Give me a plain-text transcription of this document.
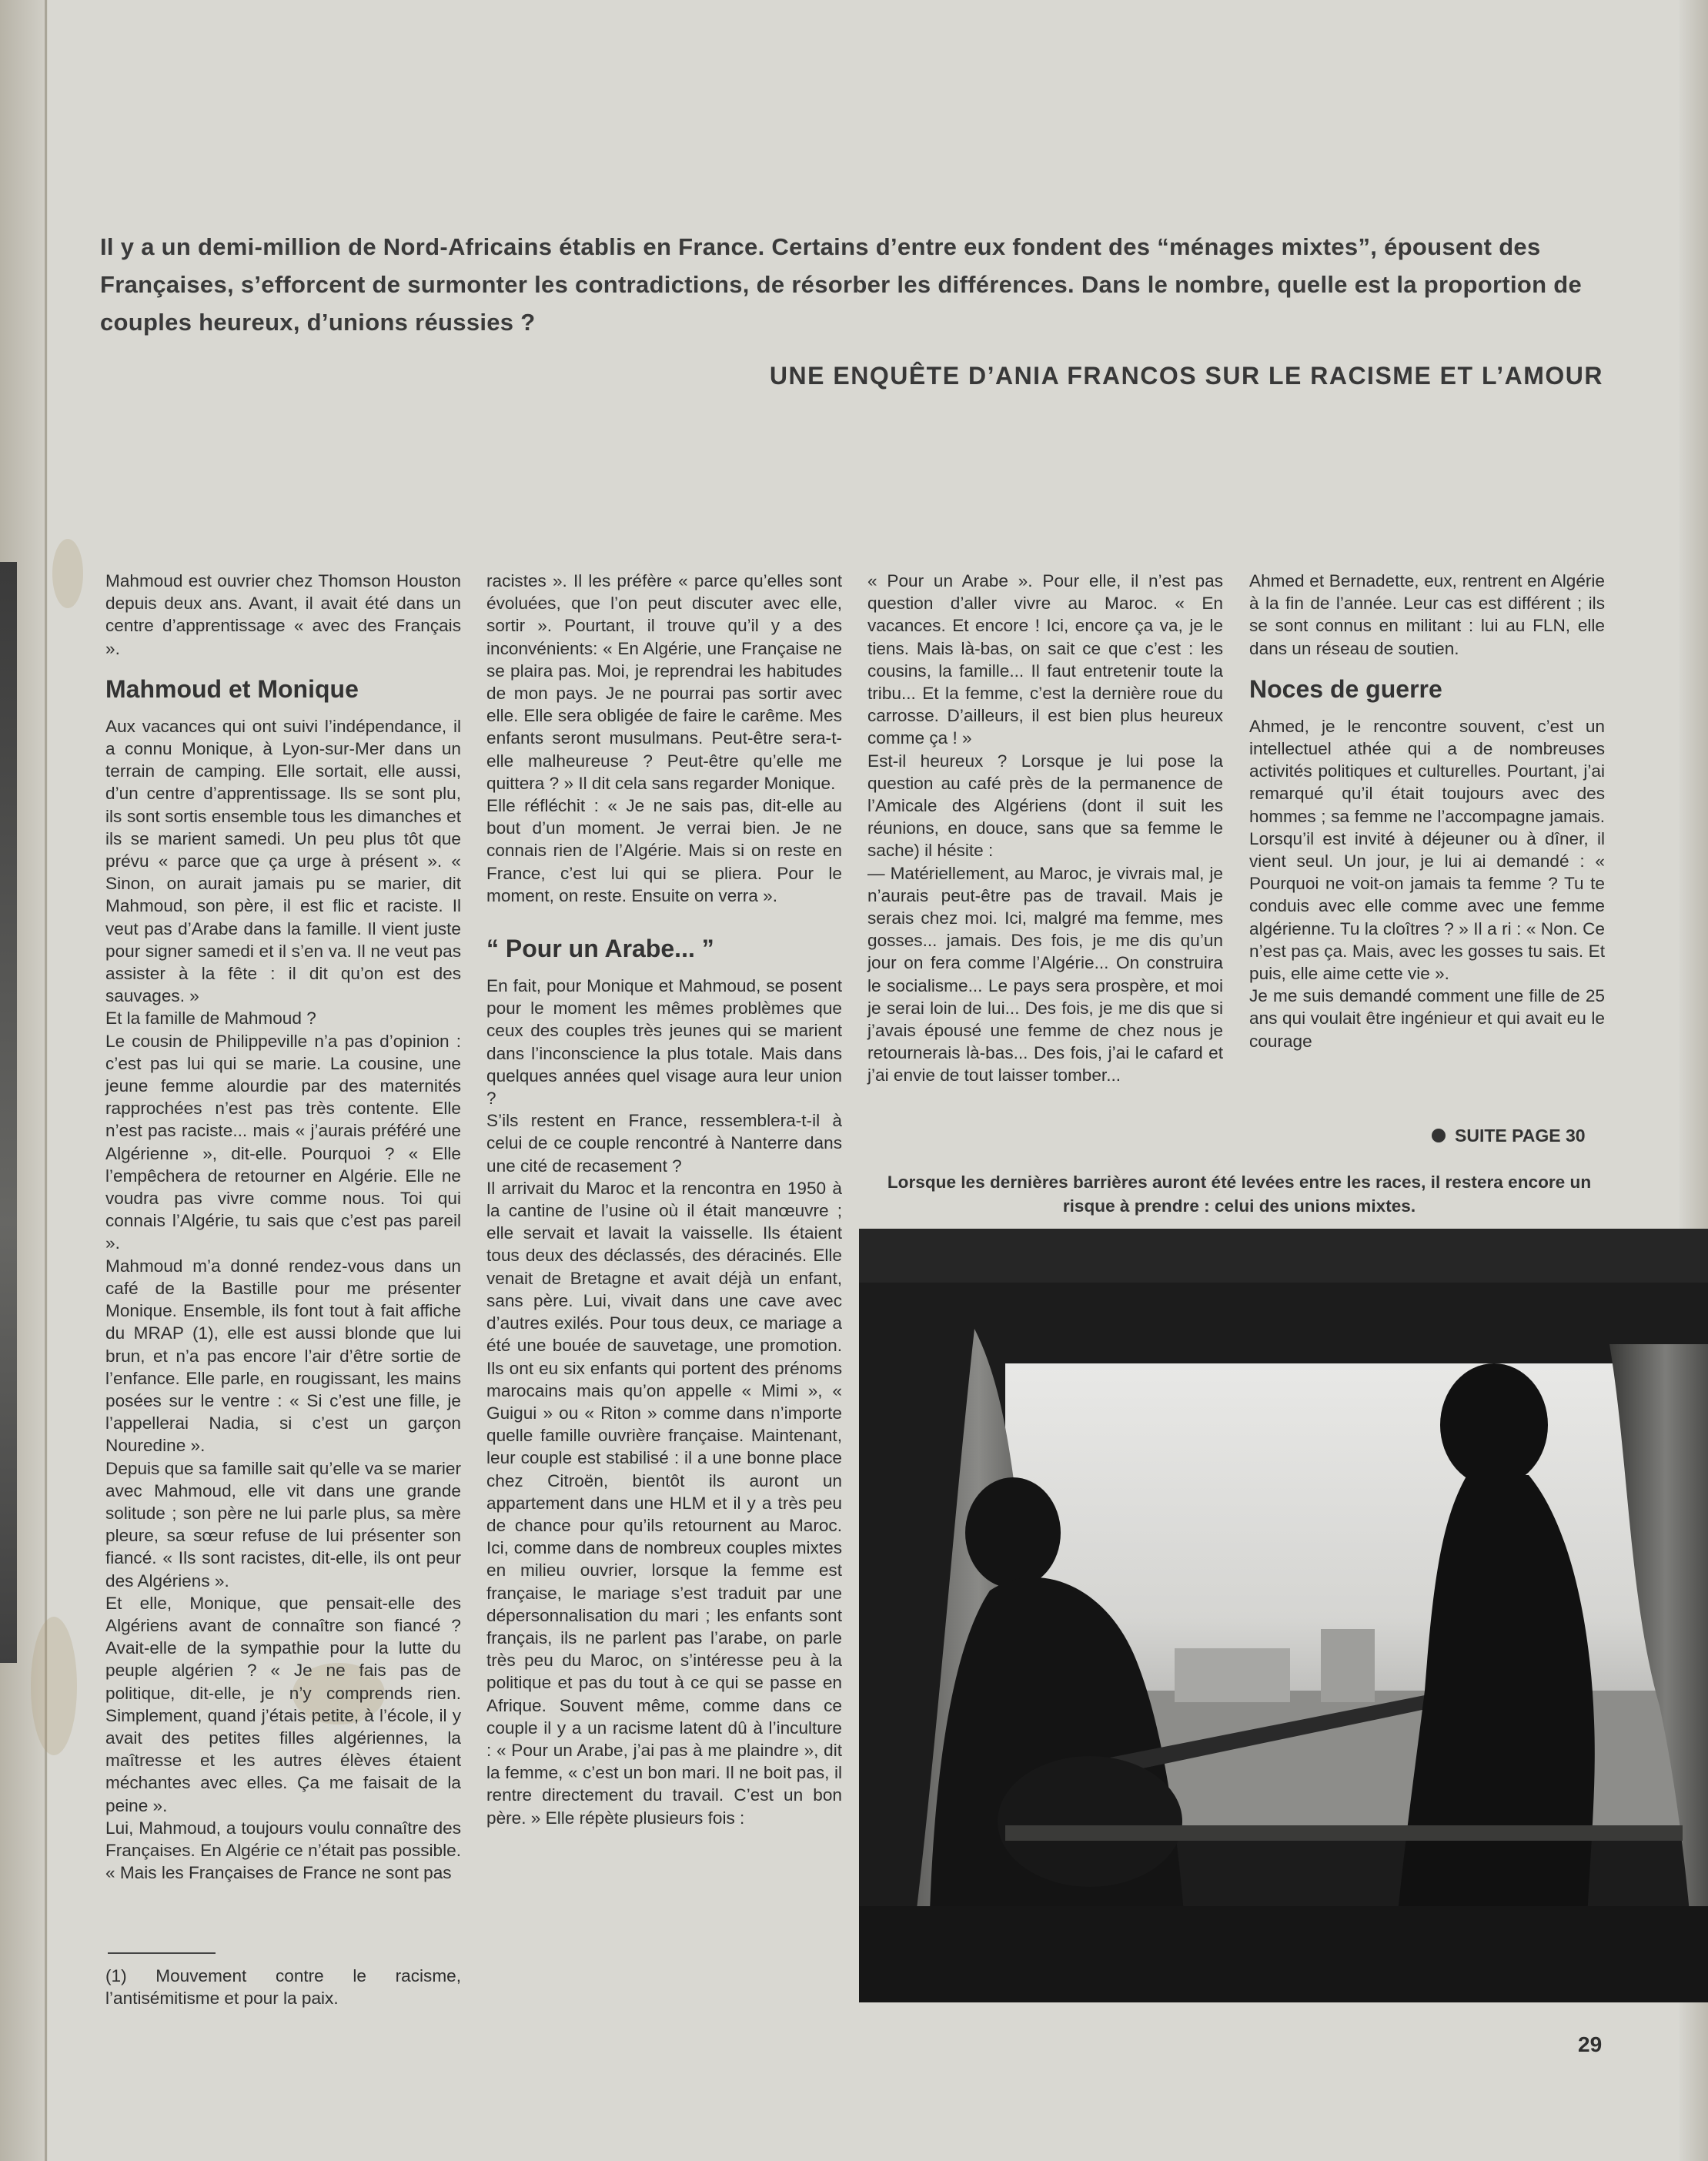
Il y a un demi-million de Nord-Africains établis en France. Certains d’entre eux fondent des “ménages mixtes”, épousent des Françaises, s’efforcent de surmonter les contradictions, de résorber les différences. Dans le nombre, quelle est la proportion de couples heureux, d’unions réussies ?
UNE ENQUÊTE D’ANIA FRANCOS SUR LE RACISME ET L’AMOUR

Mahmoud est ouvrier chez Thomson Houston depuis deux ans. Avant, il avait été dans un centre d’apprentissage « avec des Français ».

Mahmoud et Monique

Aux vacances qui ont suivi l’indépendance, il a connu Monique, à Lyon-sur-Mer dans un terrain de camping. Elle sortait, elle aussi, d’un centre d’apprentissage. Ils se sont plu, ils sont sortis ensemble tous les dimanches et ils se marient samedi. Un peu plus tôt que prévu « parce que ça urge à présent ». « Sinon, on aurait jamais pu se marier, dit Mahmoud, son père, il est flic et raciste. Il veut pas d’Arabe dans la famille. Il vient juste pour signer samedi et il s’en va. Il ne veut pas assister à la fête : il dit qu’on est des sauvages. »

Et la famille de Mahmoud ?

Le cousin de Philippeville n’a pas d’opinion : c’est pas lui qui se marie. La cousine, une jeune femme alourdie par des maternités rapprochées n’est pas très contente. Elle n’est pas raciste... mais « j’aurais préféré une Algérienne », dit-elle. Pourquoi ? « Elle l’empêchera de retourner en Algérie. Elle ne voudra pas vivre comme nous. Toi qui connais l’Algérie, tu sais que c’est pas pareil ».

Mahmoud m’a donné rendez-vous dans un café de la Bastille pour me présenter Monique. Ensemble, ils font tout à fait affiche du MRAP (1), elle est aussi blonde que lui brun, et n’a pas encore l’air d’être sortie de l’enfance. Elle parle, en rougissant, les mains posées sur le ventre : « Si c’est une fille, je l’appellerai Nadia, si c’est un garçon Nouredine ».

Depuis que sa famille sait qu’elle va se marier avec Mahmoud, elle vit dans une grande solitude ; son père ne lui parle plus, sa mère pleure, sa sœur refuse de lui présenter son fiancé. « Ils sont racistes, dit-elle, ils ont peur des Algériens ».

Et elle, Monique, que pensait-elle des Algériens avant de connaître son fiancé ? Avait-elle de la sympathie pour la lutte du peuple algérien ? « Je ne fais pas de politique, dit-elle, je n’y comprends rien. Simplement, quand j’étais petite, à l’école, il y avait des petites filles algériennes, la maîtresse et les autres élèves étaient méchantes avec elles. Ça me faisait de la peine ».

Lui, Mahmoud, a toujours voulu connaître des Françaises. En Algérie ce n’était pas possible. « Mais les Françaises de France ne sont pas

racistes ». Il les préfère « parce qu’elles sont évoluées, que l’on peut discuter avec elle, sortir ». Pourtant, il trouve qu’il y a des inconvénients: « En Algérie, une Française ne se plaira pas. Moi, je reprendrai les habitudes de mon pays. Je ne pourrai pas sortir avec elle. Elle sera obligée de faire le carême. Mes enfants seront musulmans. Peut-être sera-t-elle malheureuse ? Peut-être qu’elle me quittera ? » Il dit cela sans regarder Monique.

Elle réfléchit : « Je ne sais pas, dit-elle au bout d’un moment. Je verrai bien. Je ne connais rien de l’Algérie. Mais si on reste en France, c’est lui qui se pliera. Pour le moment, on reste. Ensuite on verra ».

“ Pour un Arabe... ”

En fait, pour Monique et Mahmoud, se posent pour le moment les mêmes problèmes que ceux des couples très jeunes qui se marient dans l’inconscience la plus totale. Mais dans quelques années quel visage aura leur union ?

S’ils restent en France, ressemblera-t-il à celui de ce couple rencontré à Nanterre dans une cité de recasement ?

Il arrivait du Maroc et la rencontra en 1950 à la cantine de l’usine où il était manœuvre ; elle servait et lavait la vaisselle. Ils étaient tous deux des déclassés, des déracinés. Elle venait de Bretagne et avait déjà un enfant, sans père. Lui, vivait dans une cave avec d’autres exilés. Pour tous deux, ce mariage a été une bouée de sauvetage, une promotion. Ils ont eu six enfants qui portent des prénoms marocains mais qu’on appelle « Mimi », « Guigui » ou « Riton » comme dans n’importe quelle famille ouvrière française. Maintenant, leur couple est stabilisé : il a une bonne place chez Citroën, bientôt ils auront un appartement dans une HLM et il y a très peu de chance pour qu’ils retournent au Maroc. Ici, comme dans de nombreux couples mixtes en milieu ouvrier, lorsque la femme est française, le mariage s’est traduit par une dépersonnalisation du mari ; les enfants sont français, ils ne parlent pas l’arabe, on parle très peu du Maroc, on s’intéresse peu à la politique et pas du tout à ce qui se passe en Afrique. Souvent même, comme dans ce couple il y a un racisme latent dû à l’inculture : « Pour un Arabe, j’ai pas à me plaindre », dit la femme, « c’est un bon mari. Il ne boit pas, il rentre directement du travail. C’est un bon père. » Elle répète plusieurs fois :

« Pour un Arabe ». Pour elle, il n’est pas question d’aller vivre au Maroc. « En vacances. Et encore ! Ici, encore ça va, je le tiens. Mais là-bas, on sait ce que c’est : les cousins, la famille... Il faut entretenir toute la tribu... Et la femme, c’est la dernière roue du carrosse. D’ailleurs, il est bien plus heureux comme ça ! »

Est-il heureux ? Lorsque je lui pose la question au café près de la permanence de l’Amicale des Algériens (dont il suit les réunions, en douce, sans que sa femme le sache) il hésite :

— Matériellement, au Maroc, je vivrais mal, je n’aurais peut-être pas de travail. Mais je serais chez moi. Ici, malgré ma femme, mes gosses... jamais. Des fois, je me dis qu’un jour on fera comme l’Algérie... On construira le socialisme... Le pays sera prospère, et moi je serai loin de lui... Des fois, je me dis que si j’avais épousé une femme de chez nous je retournerais là-bas... Des fois, j’ai le cafard et j’ai envie de tout laisser tomber...

Ahmed et Bernadette, eux, rentrent en Algérie à la fin de l’année. Leur cas est différent ; ils se sont connus en militant : lui au FLN, elle dans un réseau de soutien.

Noces de guerre

Ahmed, je le rencontre souvent, c’est un intellectuel athée qui a de nombreuses activités politiques et culturelles. Pourtant, j’ai remarqué qu’il était toujours avec des hommes ; sa femme ne l’accompagne jamais. Lorsqu’il est invité à déjeuner ou à dîner, il vient seul. Un jour, je lui ai demandé : « Pourquoi ne voit-on jamais ta femme ? Tu te conduis avec elle comme avec une femme algérienne. Tu la cloîtres ? » Il a ri : « Non. Ce n’est pas ça. Mais, avec les gosses tu sais. Et puis, elle aime cette vie ».

Je me suis demandé comment une fille de 25 ans qui voulait être ingénieur et qui avait eu le courage

SUITE PAGE 30
Lorsque les dernières barrières auront été levées entre les races, il restera encore un risque à prendre : celui des unions mixtes.
(1) Mouvement contre le racisme, l’antisémitisme et pour la paix.
29
